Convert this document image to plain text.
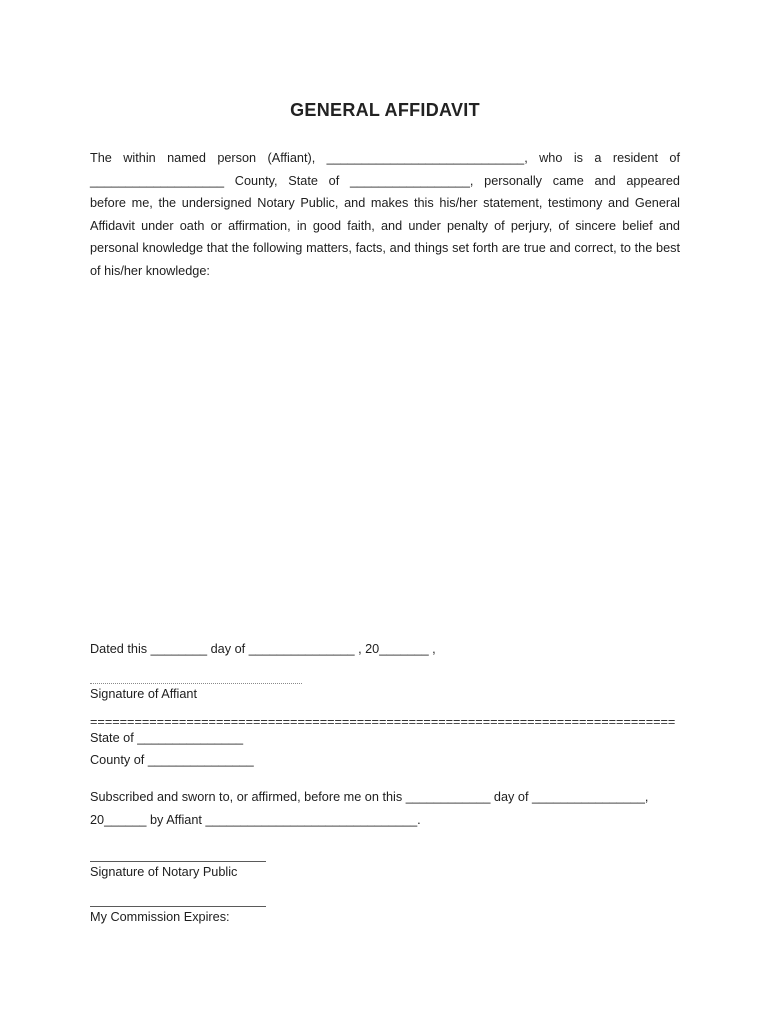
GENERAL AFFIDAVIT
The within named person (Affiant), ____________________________, who is a resident of
___________________ County, State of _________________, personally came and appeared
before me, the undersigned Notary Public, and makes this his/her statement, testimony and General
Affidavit under oath or affirmation, in good faith, and under penalty of perjury, of sincere belief and
personal knowledge that the following matters, facts, and things set forth are true and correct, to the best
of his/her knowledge:
Dated this ________ day of _______________ , 20_______ ,
Signature of Affiant
===============================================================================
State of _______________
County of _______________
Subscribed and sworn to, or affirmed, before me on this ____________ day of ________________,
20______ by Affiant ______________________________.
Signature of Notary Public
My Commission Expires:
